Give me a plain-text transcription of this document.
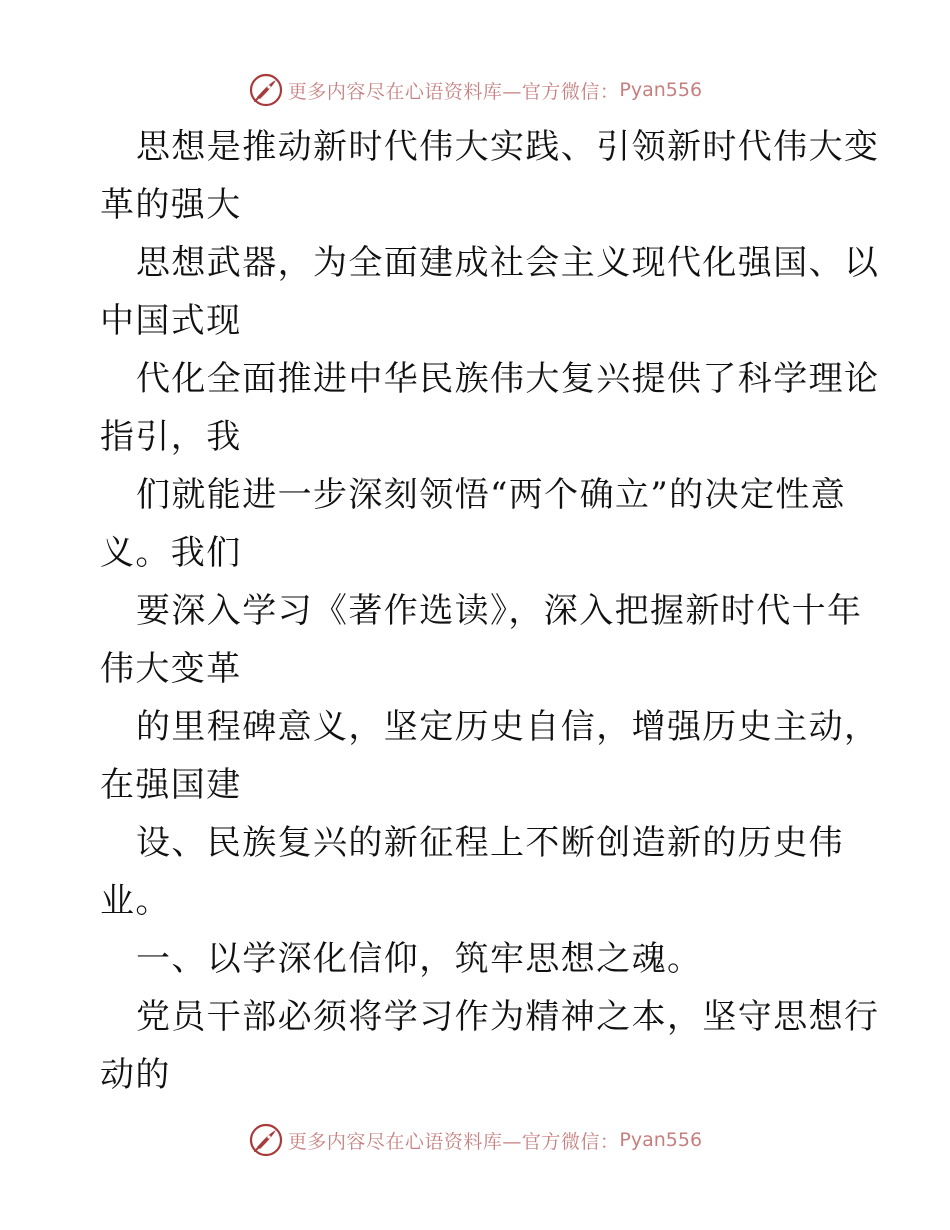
更多内容尽在心语资料库—官方微信： Pyan556
思想是推动新时代伟大实践、引领新时代伟大变
革的强大
思想武器，为全面建成社会主义现代化强国、以
中国式现
代化全面推进中华民族伟大复兴提供了科学理论
指引，我
们就能进一步深刻领悟“两个确立”的决定性意
义。我们
要深入学习《著作选读》，深入把握新时代十年
伟大变革
的里程碑意义，坚定历史自信，增强历史主动，
在强国建
设、民族复兴的新征程上不断创造新的历史伟
业。
一、以学深化信仰，筑牢思想之魂。
党员干部必须将学习作为精神之本，坚守思想行
动的
更多内容尽在心语资料库—官方微信： Pyan556
